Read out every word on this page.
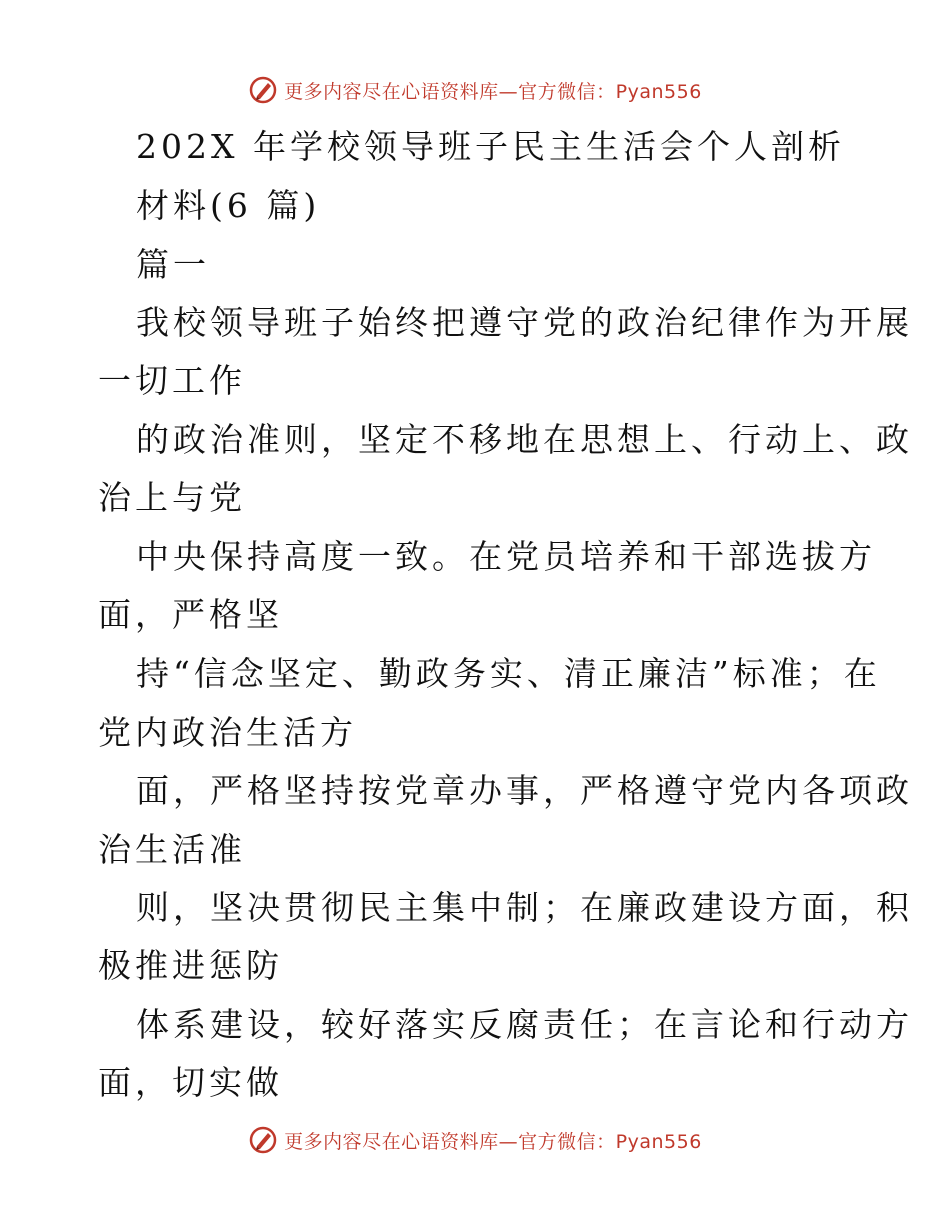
更多内容尽在心语资料库—官方微信：Pyan556
202X 年学校领导班子民主生活会个人剖析
材料(6 篇)
篇一
我校领导班子始终把遵守党的政治纪律作为开展
一切工作
的政治准则，坚定不移地在思想上、行动上、政
治上与党
中央保持高度一致。在党员培养和干部选拔方
面，严格坚
持“信念坚定、勤政务实、清正廉洁”标准；在
党内政治生活方
面，严格坚持按党章办事，严格遵守党内各项政
治生活准
则，坚决贯彻民主集中制；在廉政建设方面，积
极推进惩防
体系建设，较好落实反腐责任；在言论和行动方
面，切实做
更多内容尽在心语资料库—官方微信：Pyan556
